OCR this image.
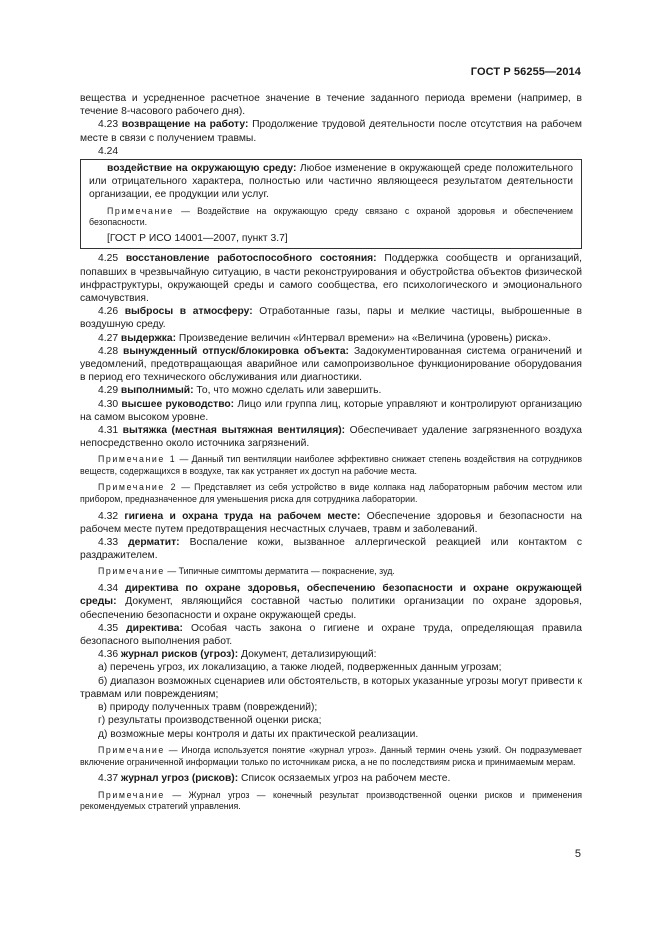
ГОСТ Р 56255—2014

вещества и усредненное расчетное значение в течение заданного периода времени (например, в течение 8-часового рабочего дня).

4.23 возвращение на работу: Продолжение трудовой деятельности после отсутствия на рабочем месте в связи с получением травмы.

4.24

воздействие на окружающую среду: Любое изменение в окружающей среде положительного или отрицательного характера, полностью или частично являющееся результатом деятельности организации, ее продукции или услуг.

Примечание — Воздействие на окружающую среду связано с охраной здоровья и обеспечением безопасности.

[ГОСТ Р ИСО 14001—2007, пункт 3.7]

4.25 восстановление работоспособного состояния: Поддержка сообществ и организаций, попавших в чрезвычайную ситуацию, в части реконструирования и обустройства объектов физической инфраструктуры, окружающей среды и самого сообщества, его психологического и эмоционального самочувствия.

4.26 выбросы в атмосферу: Отработанные газы, пары и мелкие частицы, выброшенные в воздушную среду.

4.27 выдержка: Произведение величин «Интервал времени» на «Величина (уровень) риска».

4.28 вынужденный отпуск/блокировка объекта: Задокументированная система ограничений и уведомлений, предотвращающая аварийное или самопроизвольное функционирование оборудования в период его технического обслуживания или диагностики.

4.29 выполнимый: То, что можно сделать или завершить.

4.30 высшее руководство: Лицо или группа лиц, которые управляют и контролируют организацию на самом высоком уровне.

4.31 вытяжка (местная вытяжная вентиляция): Обеспечивает удаление загрязненного воздуха непосредственно около источника загрязнений.

Примечание 1 — Данный тип вентиляции наиболее эффективно снижает степень воздействия на сотрудников веществ, содержащихся в воздухе, так как устраняет их доступ на рабочие места.

Примечание 2 — Представляет из себя устройство в виде колпака над лабораторным рабочим местом или прибором, предназначенное для уменьшения риска для сотрудника лаборатории.

4.32 гигиена и охрана труда на рабочем месте: Обеспечение здоровья и безопасности на рабочем месте путем предотвращения несчастных случаев, травм и заболеваний.

4.33 дерматит: Воспаление кожи, вызванное аллергической реакцией или контактом с раздражителем.

Примечание — Типичные симптомы дерматита — покраснение, зуд.

4.34 директива по охране здоровья, обеспечению безопасности и охране окружающей среды: Документ, являющийся составной частью политики организации по охране здоровья, обеспечению безопасности и охране окружающей среды.

4.35 директива: Особая часть закона о гигиене и охране труда, определяющая правила безопасного выполнения работ.

4.36 журнал рисков (угроз): Документ, детализирующий:

а) перечень угроз, их локализацию, а также людей, подверженных данным угрозам;

б) диапазон возможных сценариев или обстоятельств, в которых указанные угрозы могут привести к травмам или повреждениям;

в) природу полученных травм (повреждений);

г) результаты производственной оценки риска;

д) возможные меры контроля и даты их практической реализации.

Примечание — Иногда используется понятие «журнал угроз». Данный термин очень узкий. Он подразумевает включение ограниченной информации только по источникам риска, а не по последствиям риска и принимаемым мерам.

4.37 журнал угроз (рисков): Список осязаемых угроз на рабочем месте.

Примечание — Журнал угроз — конечный результат производственной оценки рисков и применения рекомендуемых стратегий управления.

5
